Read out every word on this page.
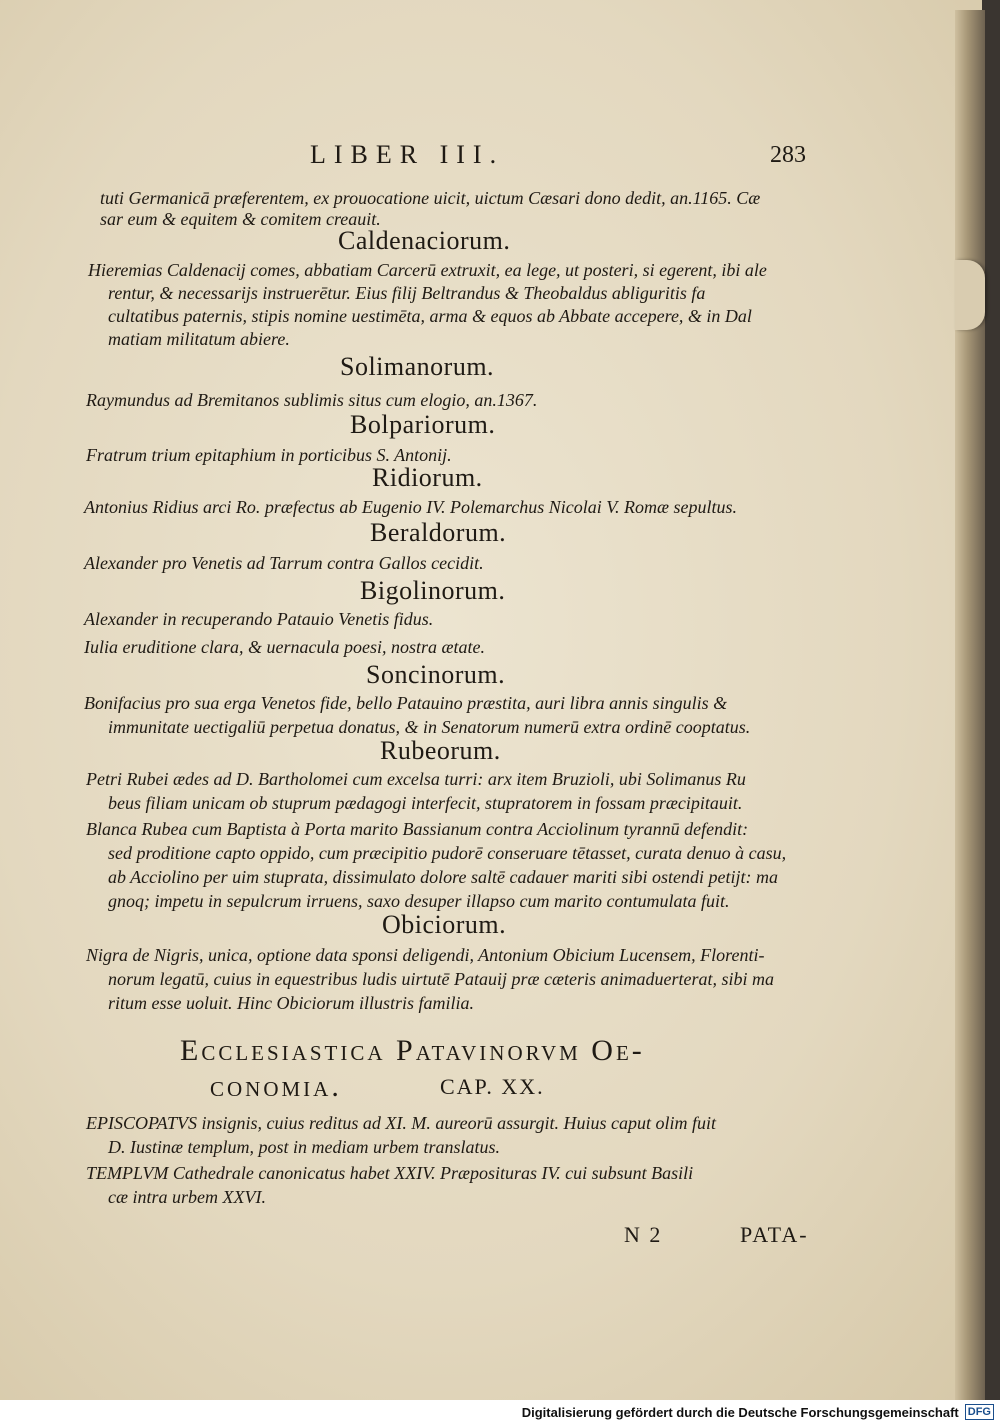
LIBER III.	283
tuti Germanicā præferentem, ex prouocatione uicit, uictum Cæsari dono dedit, an.1165. Cæ
sar eum & equitem & comitem creauit.
Caldenaciorum.
Hieremias Caldenacij comes, abbatiam Carcerū extruxit, ea lege, ut posteri, si egerent, ibi ale
rentur, & necessarijs instruerētur. Eius filij Beltrandus & Theobaldus abliguritis fa
cultatibus paternis, stipis nomine uestimēta, arma & equos ab Abbate accepere, & in Dal
matiam militatum abiere.
Solimanorum.
Raymundus ad Bremitanos sublimis situs cum elogio, an.1367.
Bolpariorum.
Fratrum trium epitaphium in porticibus S. Antonij.
Ridiorum.
Antonius Ridius arci Ro. præfectus ab Eugenio IV. Polemarchus Nicolai V. Romæ sepultus.
Beraldorum.
Alexander pro Venetis ad Tarrum contra Gallos cecidit.
Bigolinorum.
Alexander in recuperando Patauio Venetis fidus.
Iulia eruditione clara, & uernacula poesi, nostra ætate.
Soncinorum.
Bonifacius pro sua erga Venetos fide, bello Patauino præstita, auri libra annis singulis &
immunitate uectigaliū perpetua donatus, & in Senatorum numerū extra ordinē cooptatus.
Rubeorum.
Petri Rubei ædes ad D. Bartholomei cum excelsa turri: arx item Bruzioli, ubi Solimanus Ru
beus filiam unicam ob stuprum pædagogi interfecit, stupratorem in fossam præcipitauit.
Blanca Rubea cum Baptista à Porta marito Bassianum contra Acciolinum tyrannū defendit:
sed proditione capto oppido, cum præcipitio pudorē conseruare tētasset, curata denuo à casu,
ab Acciolino per uim stuprata, dissimulato dolore saltē cadauer mariti sibi ostendi petijt: ma
gnoq; impetu in sepulcrum irruens, saxo desuper illapso cum marito contumulata fuit.
Obiciorum.
Nigra de Nigris, unica, optione data sponsi deligendi, Antonium Obicium Lucensem, Florenti-
norum legatū, cuius in equestribus ludis uirtutē Patauij præ cæteris animaduerterat, sibi ma
ritum esse uoluit. Hinc Obiciorum illustris familia.
Ecclesiastica Patavinorvm Oe-
conomia.	CAP. XX.
EPISCOPATVS insignis, cuius reditus ad XI. M. aureorū assurgit. Huius caput olim fuit
D. Iustinæ templum, post in mediam urbem translatus.
TEMPLVM Cathedrale canonicatus habet XXIV. Præposituras IV. cui subsunt Basili
cæ intra urbem XXVI.
N 2	PATA-
Digitalisierung gefördert durch die Deutsche Forschungsgemeinschaft DFG
